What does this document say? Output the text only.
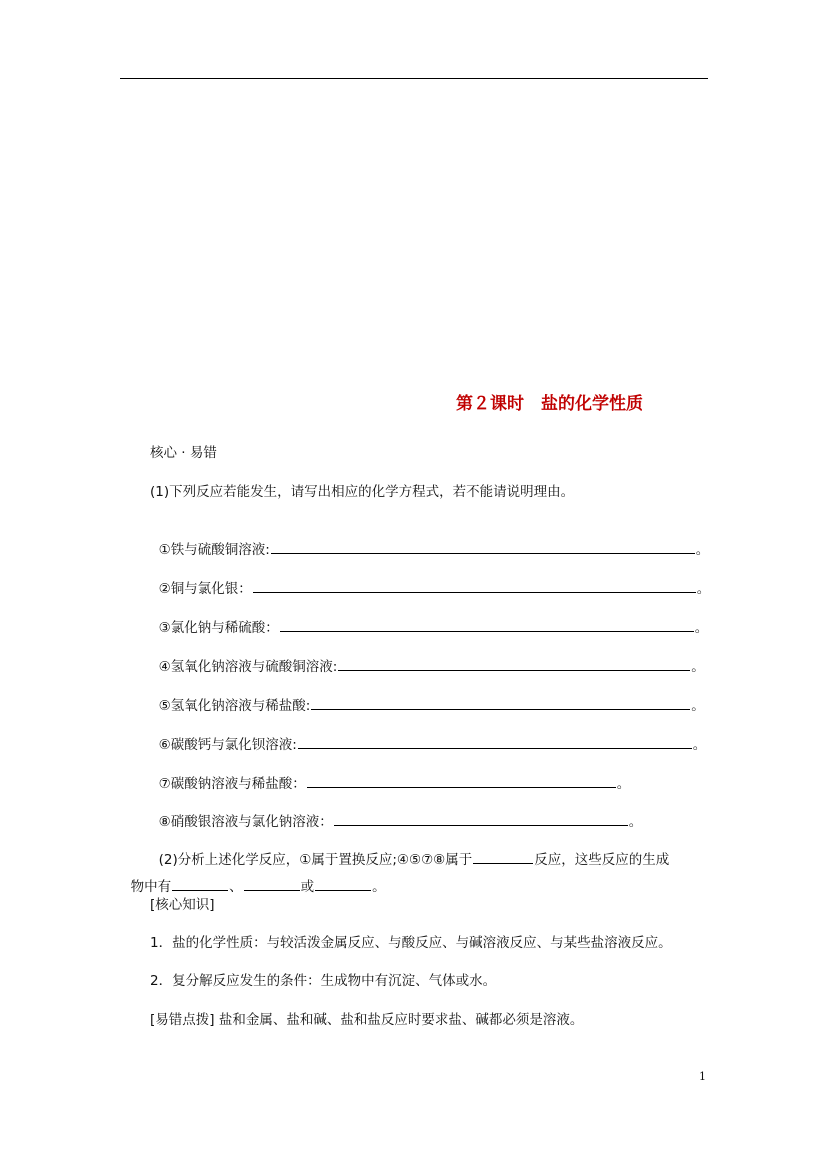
第２课时　盐的化学性质
核心 · 易错
(1)下列反应若能发生，请写出相应的化学方程式，若不能请说明理由。

①铁与硫酸铜溶液:	。

②铜与氯化银：	。

③氯化钠与稀硫酸：	。

④氢氧化钠溶液与硫酸铜溶液:	。

⑤氢氧化钠溶液与稀盐酸:	。

⑥碳酸钙与氯化钡溶液:	。

⑦碳酸钠溶液与稀盐酸：	。

⑧硝酸银溶液与氯化钠溶液：	。

(2)分析上述化学反应，①属于置换反应;④⑤⑦⑧属于	反应，这些反应的生成

物中有	、	或	。

[核心知识]
1．盐的化学性质：与较活泼金属反应、与酸反应、与碱溶液反应、与某些盐溶液反应。
2．复分解反应发生的条件：生成物中有沉淀、气体或水。
[易错点拨] 盐和金属、盐和碱、盐和盐反应时要求盐、碱都必须是溶液。
1
